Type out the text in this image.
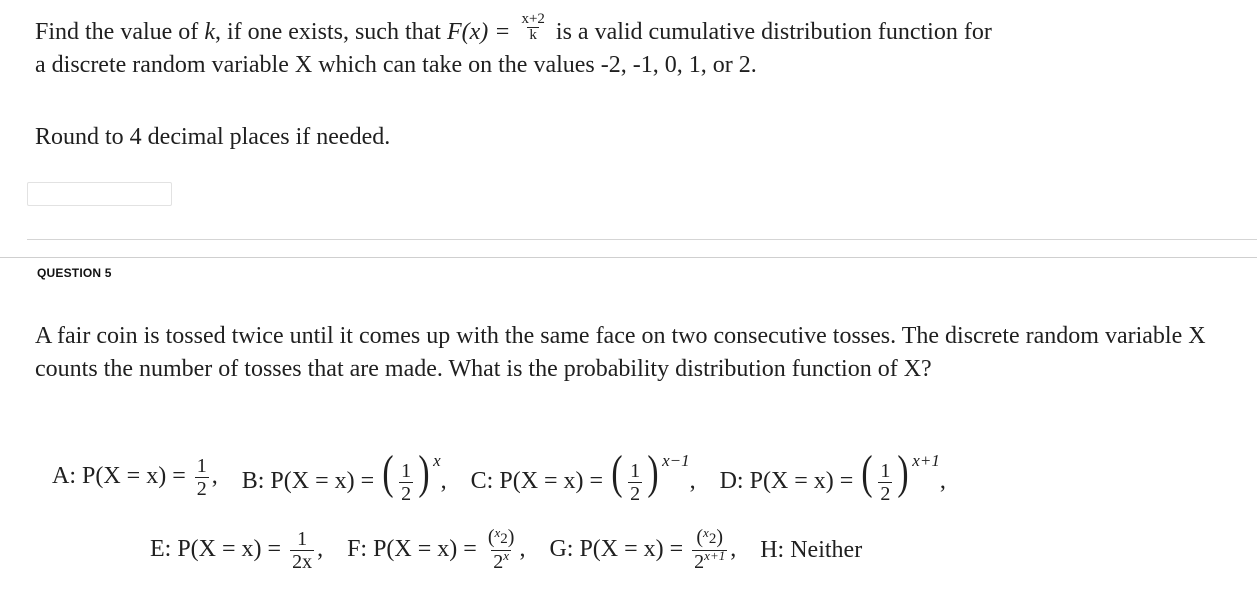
Find the value of k, if one exists, such that $F(x) = \frac{x+2}{k}$ is a valid cumulative distribution function for
a discrete random variable X which can take on the values -2, -1, 0, 1, or 2.
Round to 4 decimal places if needed.
QUESTION 5
A fair coin is tossed twice until it comes up with the same face on two consecutive tosses. The discrete random variable X counts the number of tosses that are made. What is the probability distribution function of X?
A: $P(X = x) = \frac{1}{2}$ , B: P(X = x) = ( $\frac{1}{2}$ ) $^x$, C: P(X = x) = ( $\frac{1}{2}$ ) $^{x-1}$, D: P(X = x) = ( $\frac{1}{2}$ ) $^{x+1}$,
E: $P(X = x) = \frac{1}{2x}$ , F: $P(X = x) = \frac{(x2)}{2^x}$ , G: $P(X = x) = \frac{(x2)}{2^{x+1}}$ , H: Neither
